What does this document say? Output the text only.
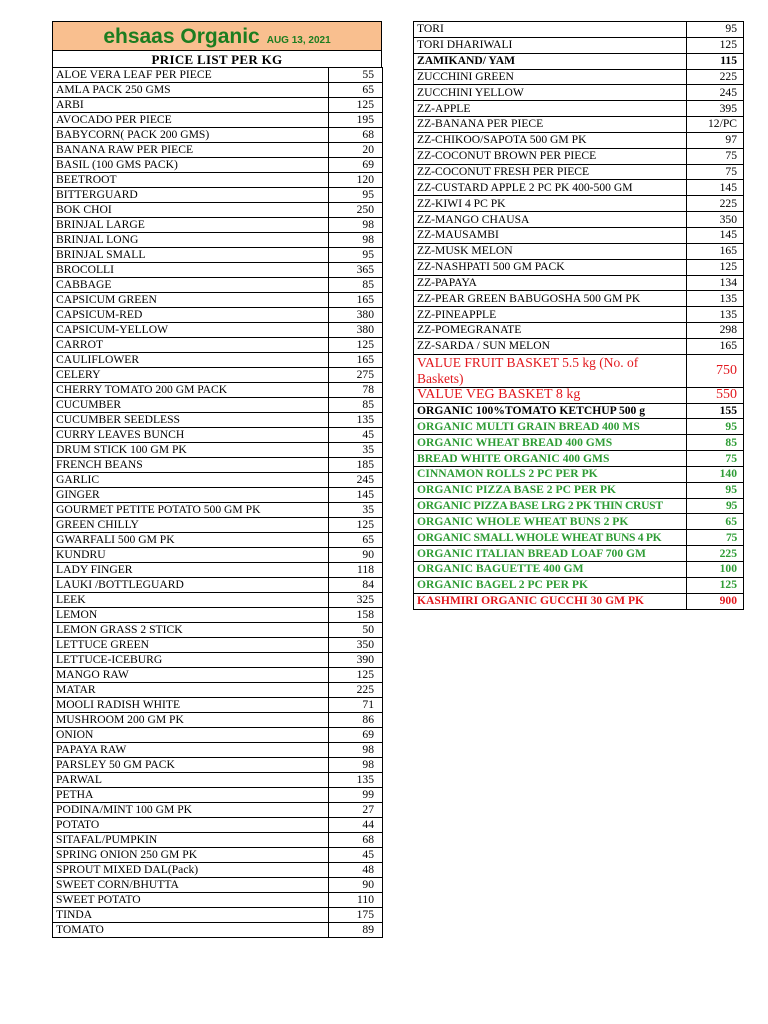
ehsaas Organic AUG 13, 2021
PRICE LIST PER KG
ALOE VERA LEAF PER PIECE	55
AMLA PACK 250 GMS	65
ARBI	125
AVOCADO PER PIECE	195
BABYCORN( PACK 200 GMS)	68
BANANA RAW PER PIECE	20
BASIL (100 GMS PACK)	69
BEETROOT	120
BITTERGUARD	95
BOK CHOI	250
BRINJAL LARGE	98
BRINJAL LONG	98
BRINJAL SMALL	95
BROCOLLI	365
CABBAGE	85
CAPSICUM GREEN	165
CAPSICUM-RED	380
CAPSICUM-YELLOW	380
CARROT	125
CAULIFLOWER	165
CELERY	275
CHERRY TOMATO 200 GM PACK	78
CUCUMBER	85
CUCUMBER SEEDLESS	135
CURRY LEAVES BUNCH	45
DRUM STICK 100 GM PK	35
FRENCH BEANS	185
GARLIC	245
GINGER	145
GOURMET PETITE POTATO 500 GM PK	35
GREEN CHILLY	125
GWARFALI 500 GM PK	65
KUNDRU	90
LADY FINGER	118
LAUKI /BOTTLEGUARD	84
LEEK	325
LEMON	158
LEMON GRASS 2 STICK	50
LETTUCE GREEN	350
LETTUCE-ICEBURG	390
MANGO RAW	125
MATAR	225
MOOLI RADISH WHITE	71
MUSHROOM 200 GM PK	86
ONION	69
PAPAYA RAW	98
PARSLEY 50 GM PACK	98
PARWAL	135
PETHA	99
PODINA/MINT 100 GM PK	27
POTATO	44
SITAFAL/PUMPKIN	68
SPRING ONION 250 GM PK	45
SPROUT MIXED DAL(Pack)	48
SWEET CORN/BHUTTA	90
SWEET POTATO	110
TINDA	175
TOMATO	89
TORI	95
TORI DHARIWALI	125
ZAMIKAND/ YAM	115
ZUCCHINI GREEN	225
ZUCCHINI YELLOW	245
ZZ-APPLE	395
ZZ-BANANA PER PIECE	12/PC
ZZ-CHIKOO/SAPOTA 500 GM PK	97
ZZ-COCONUT BROWN PER PIECE	75
ZZ-COCONUT FRESH PER PIECE	75
ZZ-CUSTARD APPLE 2 PC PK 400-500 GM	145
ZZ-KIWI 4 PC PK	225
ZZ-MANGO CHAUSA	350
ZZ-MAUSAMBI	145
ZZ-MUSK MELON	165
ZZ-NASHPATI 500 GM PACK	125
ZZ-PAPAYA	134
ZZ-PEAR GREEN BABUGOSHA 500 GM PK	135
ZZ-PINEAPPLE	135
ZZ-POMEGRANATE	298
ZZ-SARDA / SUN MELON	165
VALUE FRUIT BASKET 5.5 kg (No. of Baskets)	750
VALUE VEG BASKET 8 kg	550
ORGANIC 100%TOMATO KETCHUP 500 g	155
ORGANIC MULTI GRAIN BREAD 400 MS	95
ORGANIC WHEAT BREAD 400 GMS	85
BREAD WHITE ORGANIC 400 GMS	75
CINNAMON ROLLS 2 PC PER PK	140
ORGANIC PIZZA BASE 2 PC PER PK	95
ORGANIC PIZZA BASE LRG 2 PK THIN CRUST	95
ORGANIC WHOLE WHEAT BUNS 2 PK	65
ORGANIC SMALL WHOLE WHEAT BUNS 4 PK	75
ORGANIC ITALIAN BREAD LOAF 700 GM	225
ORGANIC BAGUETTE 400 GM	100
ORGANIC BAGEL 2 PC PER PK	125
KASHMIRI ORGANIC GUCCHI 30 GM PK	900
